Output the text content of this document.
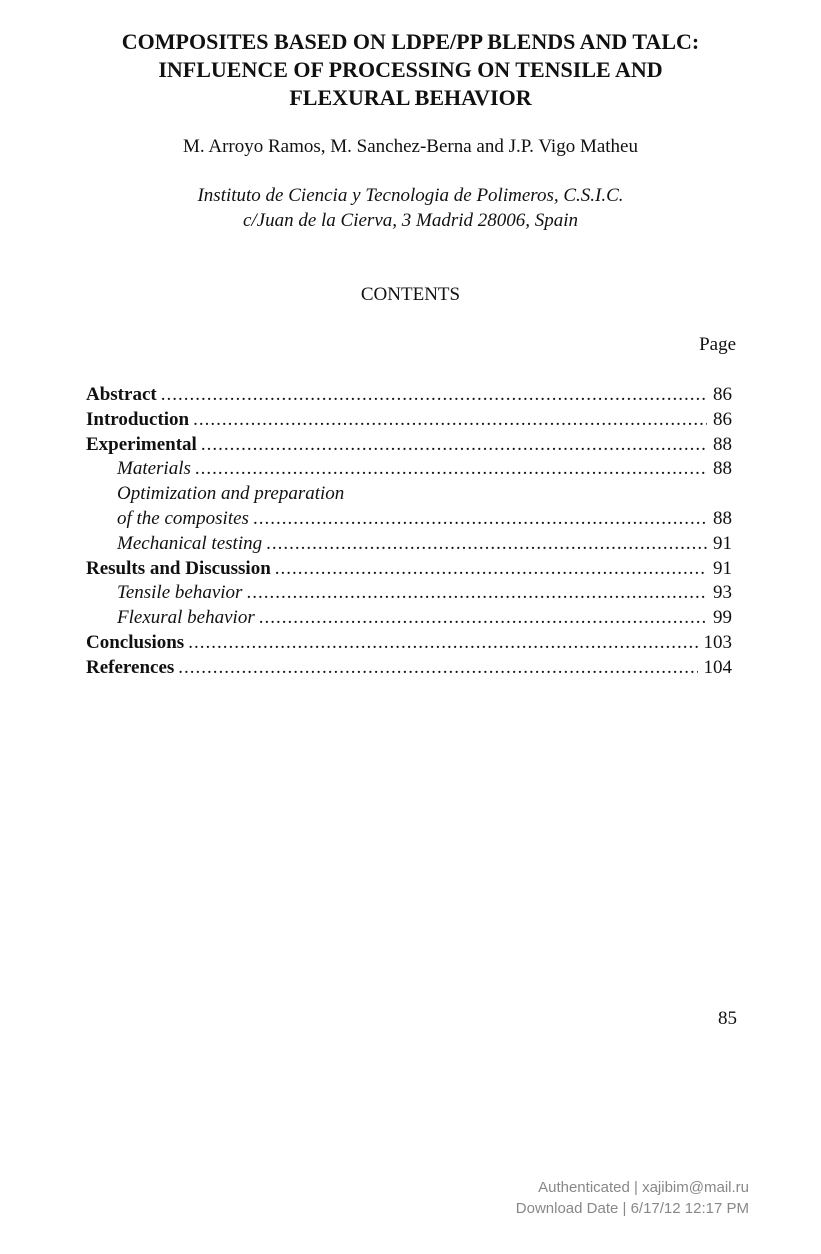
COMPOSITES BASED ON LDPE/PP BLENDS AND TALC:
INFLUENCE OF PROCESSING ON TENSILE AND
FLEXURAL BEHAVIOR
M. Arroyo Ramos, M. Sanchez-Berna and J.P. Vigo Matheu
Instituto de Ciencia y Tecnologia de Polimeros, C.S.I.C.
c/Juan de la Cierva, 3 Madrid 28006, Spain
CONTENTS
Page
Abstract .....	86
Introduction .....	86
Experimental .....	88
Materials .....	88
Optimization and preparation
of the composites .....	88
Mechanical testing .....	91
Results and Discussion .....	91
Tensile behavior .....	93
Flexural behavior .....	99
Conclusions .....	103
References .....	104
85
Authenticated | xajibim@mail.ru
Download Date | 6/17/12 12:17 PM
